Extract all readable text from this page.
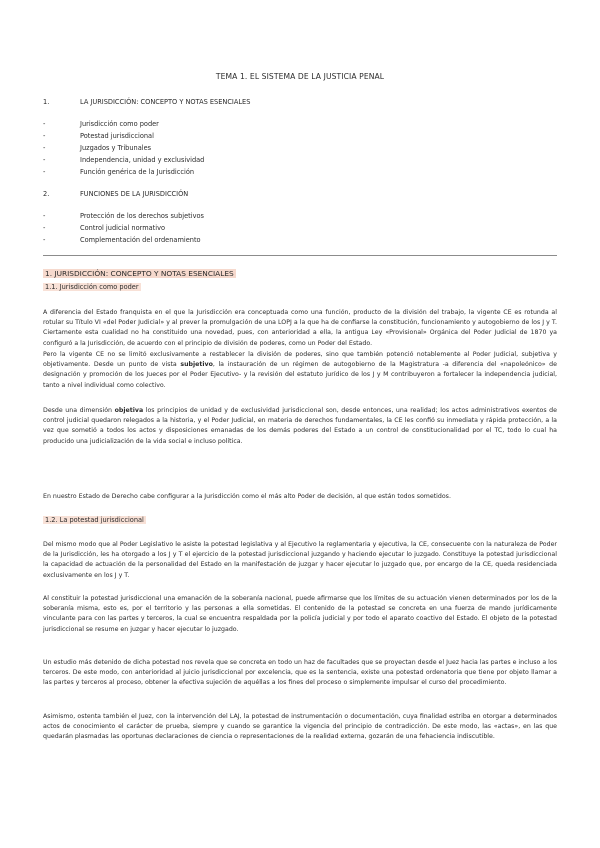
TEMA 1. EL SISTEMA DE LA JUSTICIA PENAL
1.	LA JURISDICCIÓN: CONCEPTO Y NOTAS ESENCIALES
-	Jurisdicción como poder
-	Potestad jurisdiccional
-	Juzgados y Tribunales
-	Independencia, unidad y exclusividad
-	Función genérica de la Jurisdicción
2.	FUNCIONES DE LA JURISDICCIÓN
-	Protección de los derechos subjetivos
-	Control judicial normativo
-	Complementación del ordenamiento
1. JURISDICCIÓN: CONCEPTO Y NOTAS ESENCIALES
1.1. Jurisdicción como poder
A diferencia del Estado franquista en el que la Jurisdicción era conceptuada como una función, producto de la división del trabajo, la vigente CE es rotunda al rotular su Título VI «del Poder Judicial» y al prever la promulgación de una LOPJ a la que ha de confiarse la constitución, funcionamiento y autogobierno de los J y T. Ciertamente esta cualidad no ha constituido una novedad, pues, con anterioridad a ella, la antigua Ley «Provisional» Orgánica del Poder Judicial de 1870 ya configuró a la Jurisdicción, de acuerdo con el principio de división de poderes, como un Poder del Estado.
Pero la vigente CE no se limitó exclusivamente a restablecer la división de poderes, sino que también potenció notablemente al Poder Judicial, subjetiva y objetivamente. Desde un punto de vista subjetivo, la instauración de un régimen de autogobierno de la Magistratura -a diferencia del «napoleónico» de designación y promoción de los Jueces por el Poder Ejecutivo- y la revisión del estatuto jurídico de los J y M contribuyeron a fortalecer la independencia judicial, tanto a nivel individual como colectivo.
Desde una dimensión objetiva los principios de unidad y de exclusividad jurisdiccional son, desde entonces, una realidad; los actos administrativos exentos de control judicial quedaron relegados a la historia, y el Poder Judicial, en materia de derechos fundamentales, la CE les confió su inmediata y rápida protección, a la vez que sometió a todos los actos y disposiciones emanadas de los demás poderes del Estado a un control de constitucionalidad por el TC, todo lo cual ha producido una judicialización de la vida social e incluso política.
En nuestro Estado de Derecho cabe configurar a la Jurisdicción como el más alto Poder de decisión, al que están todos sometidos.
1.2. La potestad jurisdiccional
Del mismo modo que al Poder Legislativo le asiste la potestad legislativa y al Ejecutivo la reglamentaria y ejecutiva, la CE, consecuente con la naturaleza de Poder de la Jurisdicción, les ha otorgado a los J y T el ejercicio de la potestad jurisdiccional juzgando y haciendo ejecutar lo juzgado. Constituye la potestad jurisdiccional la capacidad de actuación de la personalidad del Estado en la manifestación de juzgar y hacer ejecutar lo juzgado que, por encargo de la CE, queda residenciada exclusivamente en los J y T.
Al constituir la potestad jurisdiccional una emanación de la soberanía nacional, puede afirmarse que los límites de su actuación vienen determinados por los de la soberanía misma, esto es, por el territorio y las personas a ella sometidas. El contenido de la potestad se concreta en una fuerza de mando jurídicamente vinculante para con las partes y terceros, la cual se encuentra respaldada por la policía judicial y por todo el aparato coactivo del Estado. El objeto de la potestad jurisdiccional se resume en juzgar y hacer ejecutar lo juzgado.
Un estudio más detenido de dicha potestad nos revela que se concreta en todo un haz de facultades que se proyectan desde el Juez hacia las partes e incluso a los terceros. De este modo, con anterioridad al juicio jurisdiccional por excelencia, que es la sentencia, existe una potestad ordenatoria que tiene por objeto llamar a las partes y terceros al proceso, obtener la efectiva sujeción de aquéllas a los fines del proceso o simplemente impulsar el curso del procedimiento.
Asimismo, ostenta también el Juez, con la intervención del LAJ, la potestad de instrumentación o documentación, cuya finalidad estriba en otorgar a determinados actos de conocimiento el carácter de prueba, siempre y cuando se garantice la vigencia del principio de contradicción. De este modo, las «actas», en las que quedarán plasmadas las oportunas declaraciones de ciencia o representaciones de la realidad externa, gozarán de una fehaciencia indiscutible.
